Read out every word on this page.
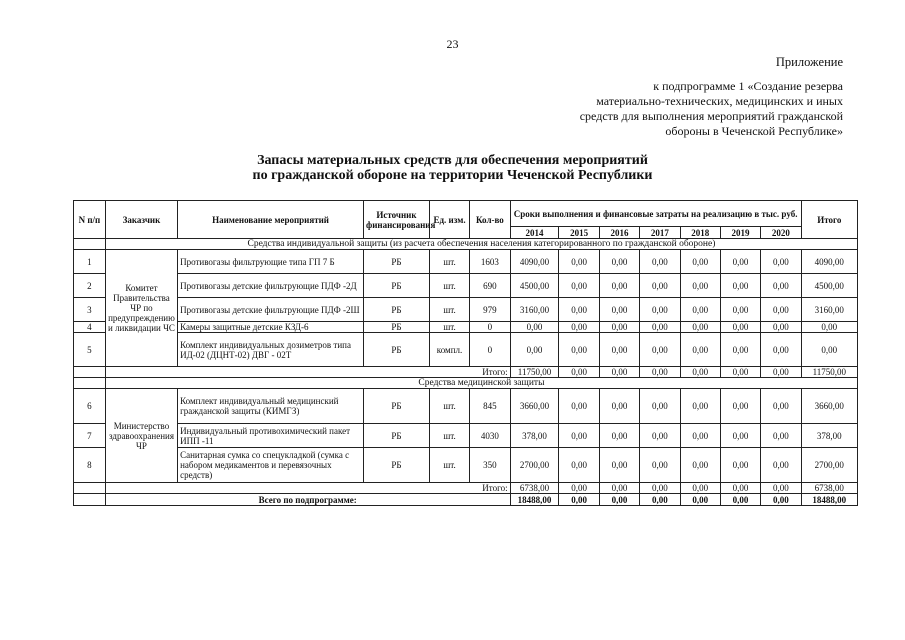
23
Приложение
к подпрограмме 1 «Создание резерва
материально-технических, медицинских и иных
средств для выполнения мероприятий гражданской
обороны в Чеченской Республике»
Запасы материальных средств для обеспечения мероприятий
по гражданской обороне на территории Чеченской Республики
N п/п	Заказчик	Наименование мероприятий	Источник финансирования	Ед. изм.	Кол-во	Сроки выполнения и финансовые затраты на реализацию в тыс. руб.							Итого
						2014	2015	2016	2017	2018	2019	2020	
	Средства индивидуальной защиты (из расчета обеспечения населения категорированного по гражданской обороне)												
1	Комитет Правительства ЧР по предупреждению и ликвидации ЧС	Противогазы фильтрующие типа ГП 7 Б	РБ	шт.	1603	4090,00	0,00	0,00	0,00	0,00	0,00	0,00	4090,00
2		Противогазы детские фильтрующие ПДФ -2Д	РБ	шт.	690	4500,00	0,00	0,00	0,00	0,00	0,00	0,00	4500,00
3		Противогазы детские фильтрующие ПДФ -2Ш	РБ	шт.	979	3160,00	0,00	0,00	0,00	0,00	0,00	0,00	3160,00
4		Камеры защитные детские КЗД-6	РБ	шт.	0	0,00	0,00	0,00	0,00	0,00	0,00	0,00	0,00
5		Комплект индивидуальных дозиметров типа ИД-02 (ДЦНТ-02) ДВГ - 02Т	РБ	компл.	0	0,00	0,00	0,00	0,00	0,00	0,00	0,00	0,00
	Итого:					11750,00	0,00	0,00	0,00	0,00	0,00	0,00	11750,00
	Средства медицинской защиты												
6	Министерство здравоохранения ЧР	Комплект индивидуальный медицинский гражданской защиты (КИМГЗ)	РБ	шт.	845	3660,00	0,00	0,00	0,00	0,00	0,00	0,00	3660,00
7		Индивидуальный противохимический пакет ИПП -11	РБ	шт.	4030	378,00	0,00	0,00	0,00	0,00	0,00	0,00	378,00
8		Санитарная сумка со спецукладкой (сумка с набором медикаментов и перевязочных средств)	РБ	шт.	350	2700,00	0,00	0,00	0,00	0,00	0,00	0,00	2700,00
	Итого:					6738,00	0,00	0,00	0,00	0,00	0,00	0,00	6738,00
	Всего по подпрограмме:					18488,00	0,00	0,00	0,00	0,00	0,00	0,00	18488,00
